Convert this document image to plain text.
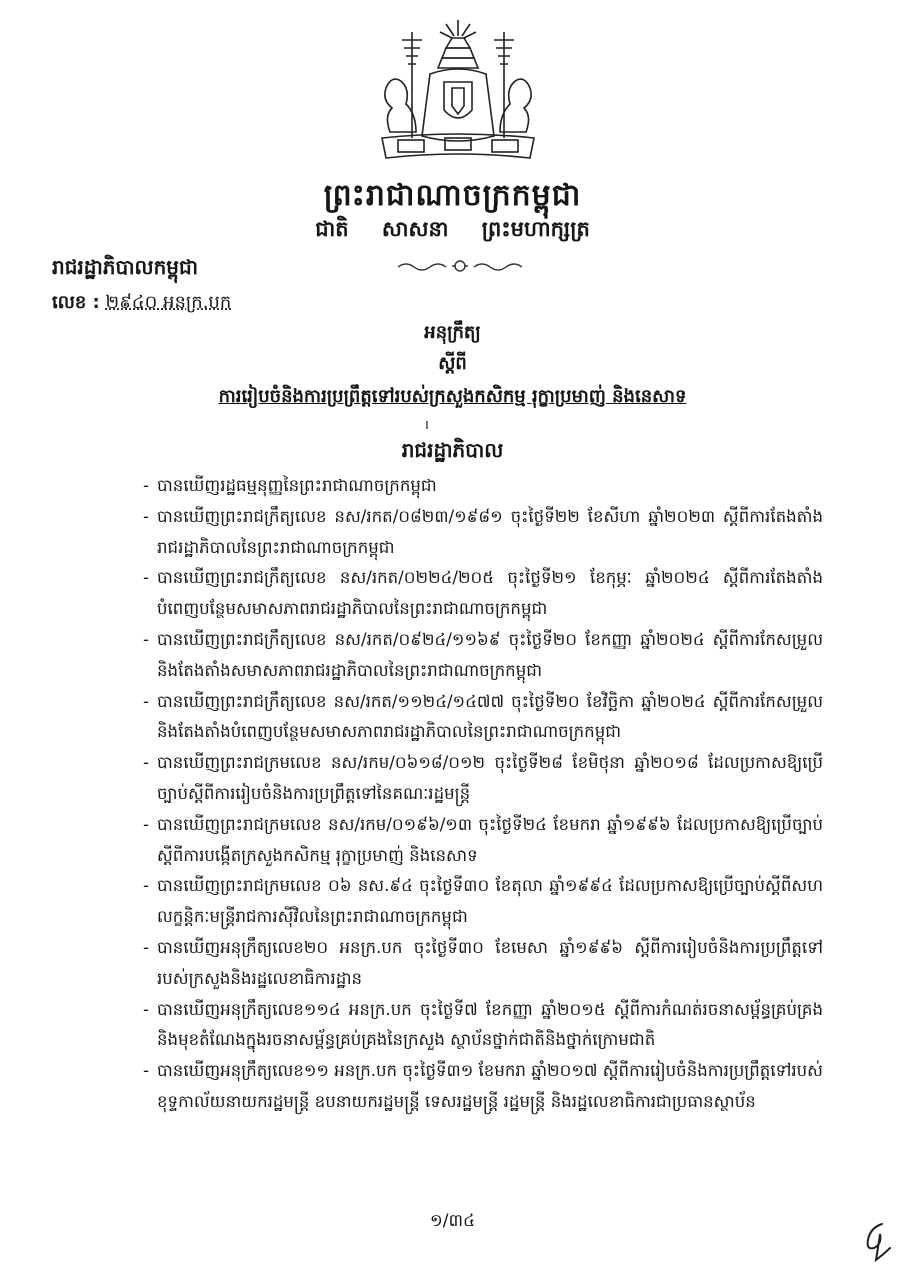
ព្រះរាជាណាចក្រកម្ពុជា
ជាតិ សាសនា ព្រះមហាក្សត្រ
រាជរដ្ឋាភិបាលកម្ពុជា
លេខ : ២៩៤០ អនក្រ.បក
អនុក្រឹត្យ
ស្តីពី
ការរៀបចំនិងការប្រព្រឹត្តទៅរបស់ក្រសួងកសិកម្ម រុក្ខាប្រមាញ់ និងនេសាទ
រាជរដ្ឋាភិបាល
- បានឃើញរដ្ឋធម្មនុញ្ញនៃព្រះរាជាណាចក្រកម្ពុជា
- បានឃើញព្រះរាជក្រឹត្យលេខ នស/រកត/០៨២៣/១៩៨១ ចុះថ្ងៃទី២២ ខែសីហា ឆ្នាំ២០២៣ ស្តីពីការតែងតាំងរាជរដ្ឋាភិបាលនៃព្រះរាជាណាចក្រកម្ពុជា
- បានឃើញព្រះរាជក្រឹត្យលេខ នស/រកត/០២២៤/២០៥ ចុះថ្ងៃទី២១ ខែកុម្ភៈ ឆ្នាំ២០២៤ ស្តីពីការតែងតាំងបំពេញបន្ថែមសមាសភាពរាជរដ្ឋាភិបាលនៃព្រះរាជាណាចក្រកម្ពុជា
- បានឃើញព្រះរាជក្រឹត្យលេខ នស/រកត/០៩២៤/១១៦៩ ចុះថ្ងៃទី២០ ខែកញ្ញា ឆ្នាំ២០២៤ ស្តីពីការកែសម្រួលនិងតែងតាំងសមាសភាពរាជរដ្ឋាភិបាលនៃព្រះរាជាណាចក្រកម្ពុជា
- បានឃើញព្រះរាជក្រឹត្យលេខ នស/រកត/១១២៤/១៤៧៧ ចុះថ្ងៃទី២០ ខែវិច្ឆិកា ឆ្នាំ២០២៤ ស្តីពីការកែសម្រួលនិងតែងតាំងបំពេញបន្ថែមសមាសភាពរាជរដ្ឋាភិបាលនៃព្រះរាជាណាចក្រកម្ពុជា
- បានឃើញព្រះរាជក្រមលេខ នស/រកម/០៦១៨/០១២ ចុះថ្ងៃទី២៨ ខែមិថុនា ឆ្នាំ២០១៨ ដែលប្រកាសឱ្យប្រើច្បាប់ស្តីពីការរៀបចំនិងការប្រព្រឹត្តទៅនៃគណៈរដ្ឋមន្ត្រី
- បានឃើញព្រះរាជក្រមលេខ នស/រកម/០១៩៦/១៣ ចុះថ្ងៃទី២៤ ខែមករា ឆ្នាំ១៩៩៦ ដែលប្រកាសឱ្យប្រើច្បាប់ស្តីពីការបង្កើតក្រសួងកសិកម្ម រុក្ខាប្រមាញ់ និងនេសាទ
- បានឃើញព្រះរាជក្រមលេខ ០៦ នស.៩៤ ចុះថ្ងៃទី៣០ ខែតុលា ឆ្នាំ១៩៩៤ ដែលប្រកាសឱ្យប្រើច្បាប់ស្តីពីសហលក្ខន្តិកៈមន្ត្រីរាជការស៊ីវិលនៃព្រះរាជាណាចក្រកម្ពុជា
- បានឃើញអនុក្រឹត្យលេខ២០ អនក្រ.បក ចុះថ្ងៃទី៣០ ខែមេសា ឆ្នាំ១៩៩៦ ស្តីពីការរៀបចំនិងការប្រព្រឹត្តទៅរបស់ក្រសួងនិងរដ្ឋលេខាធិការដ្ឋាន
- បានឃើញអនុក្រឹត្យលេខ១១៤ អនក្រ.បក ចុះថ្ងៃទី៧ ខែកញ្ញា ឆ្នាំ២០១៥ ស្តីពីការកំណត់រចនាសម្ព័ន្ធគ្រប់គ្រងនិងមុខតំណែងក្នុងរចនាសម្ព័ន្ធគ្រប់គ្រងនៃក្រសួង ស្ថាប័នថ្នាក់ជាតិនិងថ្នាក់ក្រោមជាតិ
- បានឃើញអនុក្រឹត្យលេខ១១ អនក្រ.បក ចុះថ្ងៃទី៣១ ខែមករា ឆ្នាំ២០១៧ ស្តីពីការរៀបចំនិងការប្រព្រឹត្តទៅរបស់ខុទ្ទកាល័យនាយករដ្ឋមន្ត្រី ឧបនាយករដ្ឋមន្ត្រី ទេសរដ្ឋមន្ត្រី រដ្ឋមន្ត្រី និងរដ្ឋលេខាធិការជាប្រធានស្ថាប័ន
១/៣៤
